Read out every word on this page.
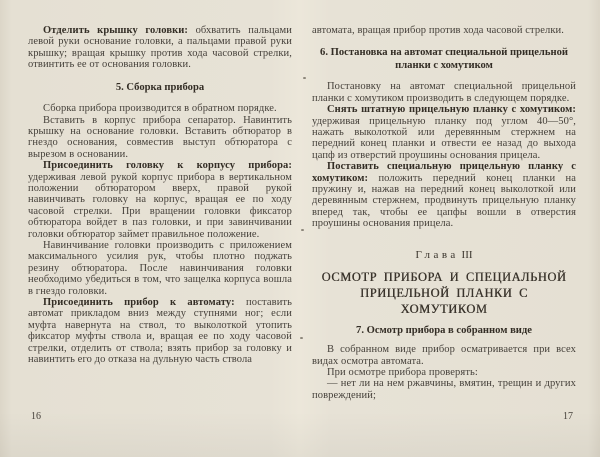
Отделить крышку головки: обхватить пальцами левой руки основание головки, а пальцами правой руки крышку; вращая крышку против хода часовой стрелки, отвинтить ее от основания головки.

5. Сборка прибора

Сборка прибора производится в обратном порядке.

Вставить в корпус прибора сепаратор. Навинтить крышку на основание головки. Вставить обтюратор в гнездо основания, совместив выступ обтюратора с вырезом в основании.

Присоединить головку к корпусу прибора: удерживая левой рукой корпус прибора в вертикальном положении обтюратором вверх, правой рукой навинчивать головку на корпус, вращая ее по ходу часовой стрелки. При вращении головки фиксатор обтюратора войдет в паз головки, и при завинчивании головки обтюратор займет правильное положение.

Навинчивание головки производить с приложением максимального усилия рук, чтобы плотно поджать резину обтюратора. После навинчивания головки необходимо убедиться в том, что защелка корпуса вошла в гнездо головки.

Присоединить прибор к автомату: поставить автомат прикладом вниз между ступнями ног; если муфта навернута на ствол, то выколоткой утопить фиксатор муфты ствола и, вращая ее по ходу часовой стрелки, отделить от ствола; взять прибор за головку и навинтить его до отказа на дульную часть ствола

16

автомата, вращая прибор против хода часовой стрелки.

6. Постановка на автомат специальной прицельной планки с хомутиком

Постановку на автомат специальной прицельной планки с хомутиком производить в следующем порядке.

Снять штатную прицельную планку с хомутиком: удерживая прицельную планку под углом 40—50°, нажать выколоткой или деревянным стержнем на передний конец планки и отвести ее назад до выхода цапф из отверстий проушины основания прицела.

Поставить специальную прицельную планку с хомутиком: положить передний конец планки на пружину и, нажав на передний конец выколоткой или деревянным стержнем, продвинуть прицельную планку вперед так, чтобы ее цапфы вошли в отверстия проушины основания прицела.

Глава III
ОСМОТР ПРИБОРА И СПЕЦИАЛЬНОЙ ПРИЦЕЛЬНОЙ ПЛАНКИ С ХОМУТИКОМ
7. Осмотр прибора в собранном виде

В собранном виде прибор осматривается при всех видах осмотра автомата.

При осмотре прибора проверять:

— нет ли на нем ржавчины, вмятин, трещин и других повреждений;

17
